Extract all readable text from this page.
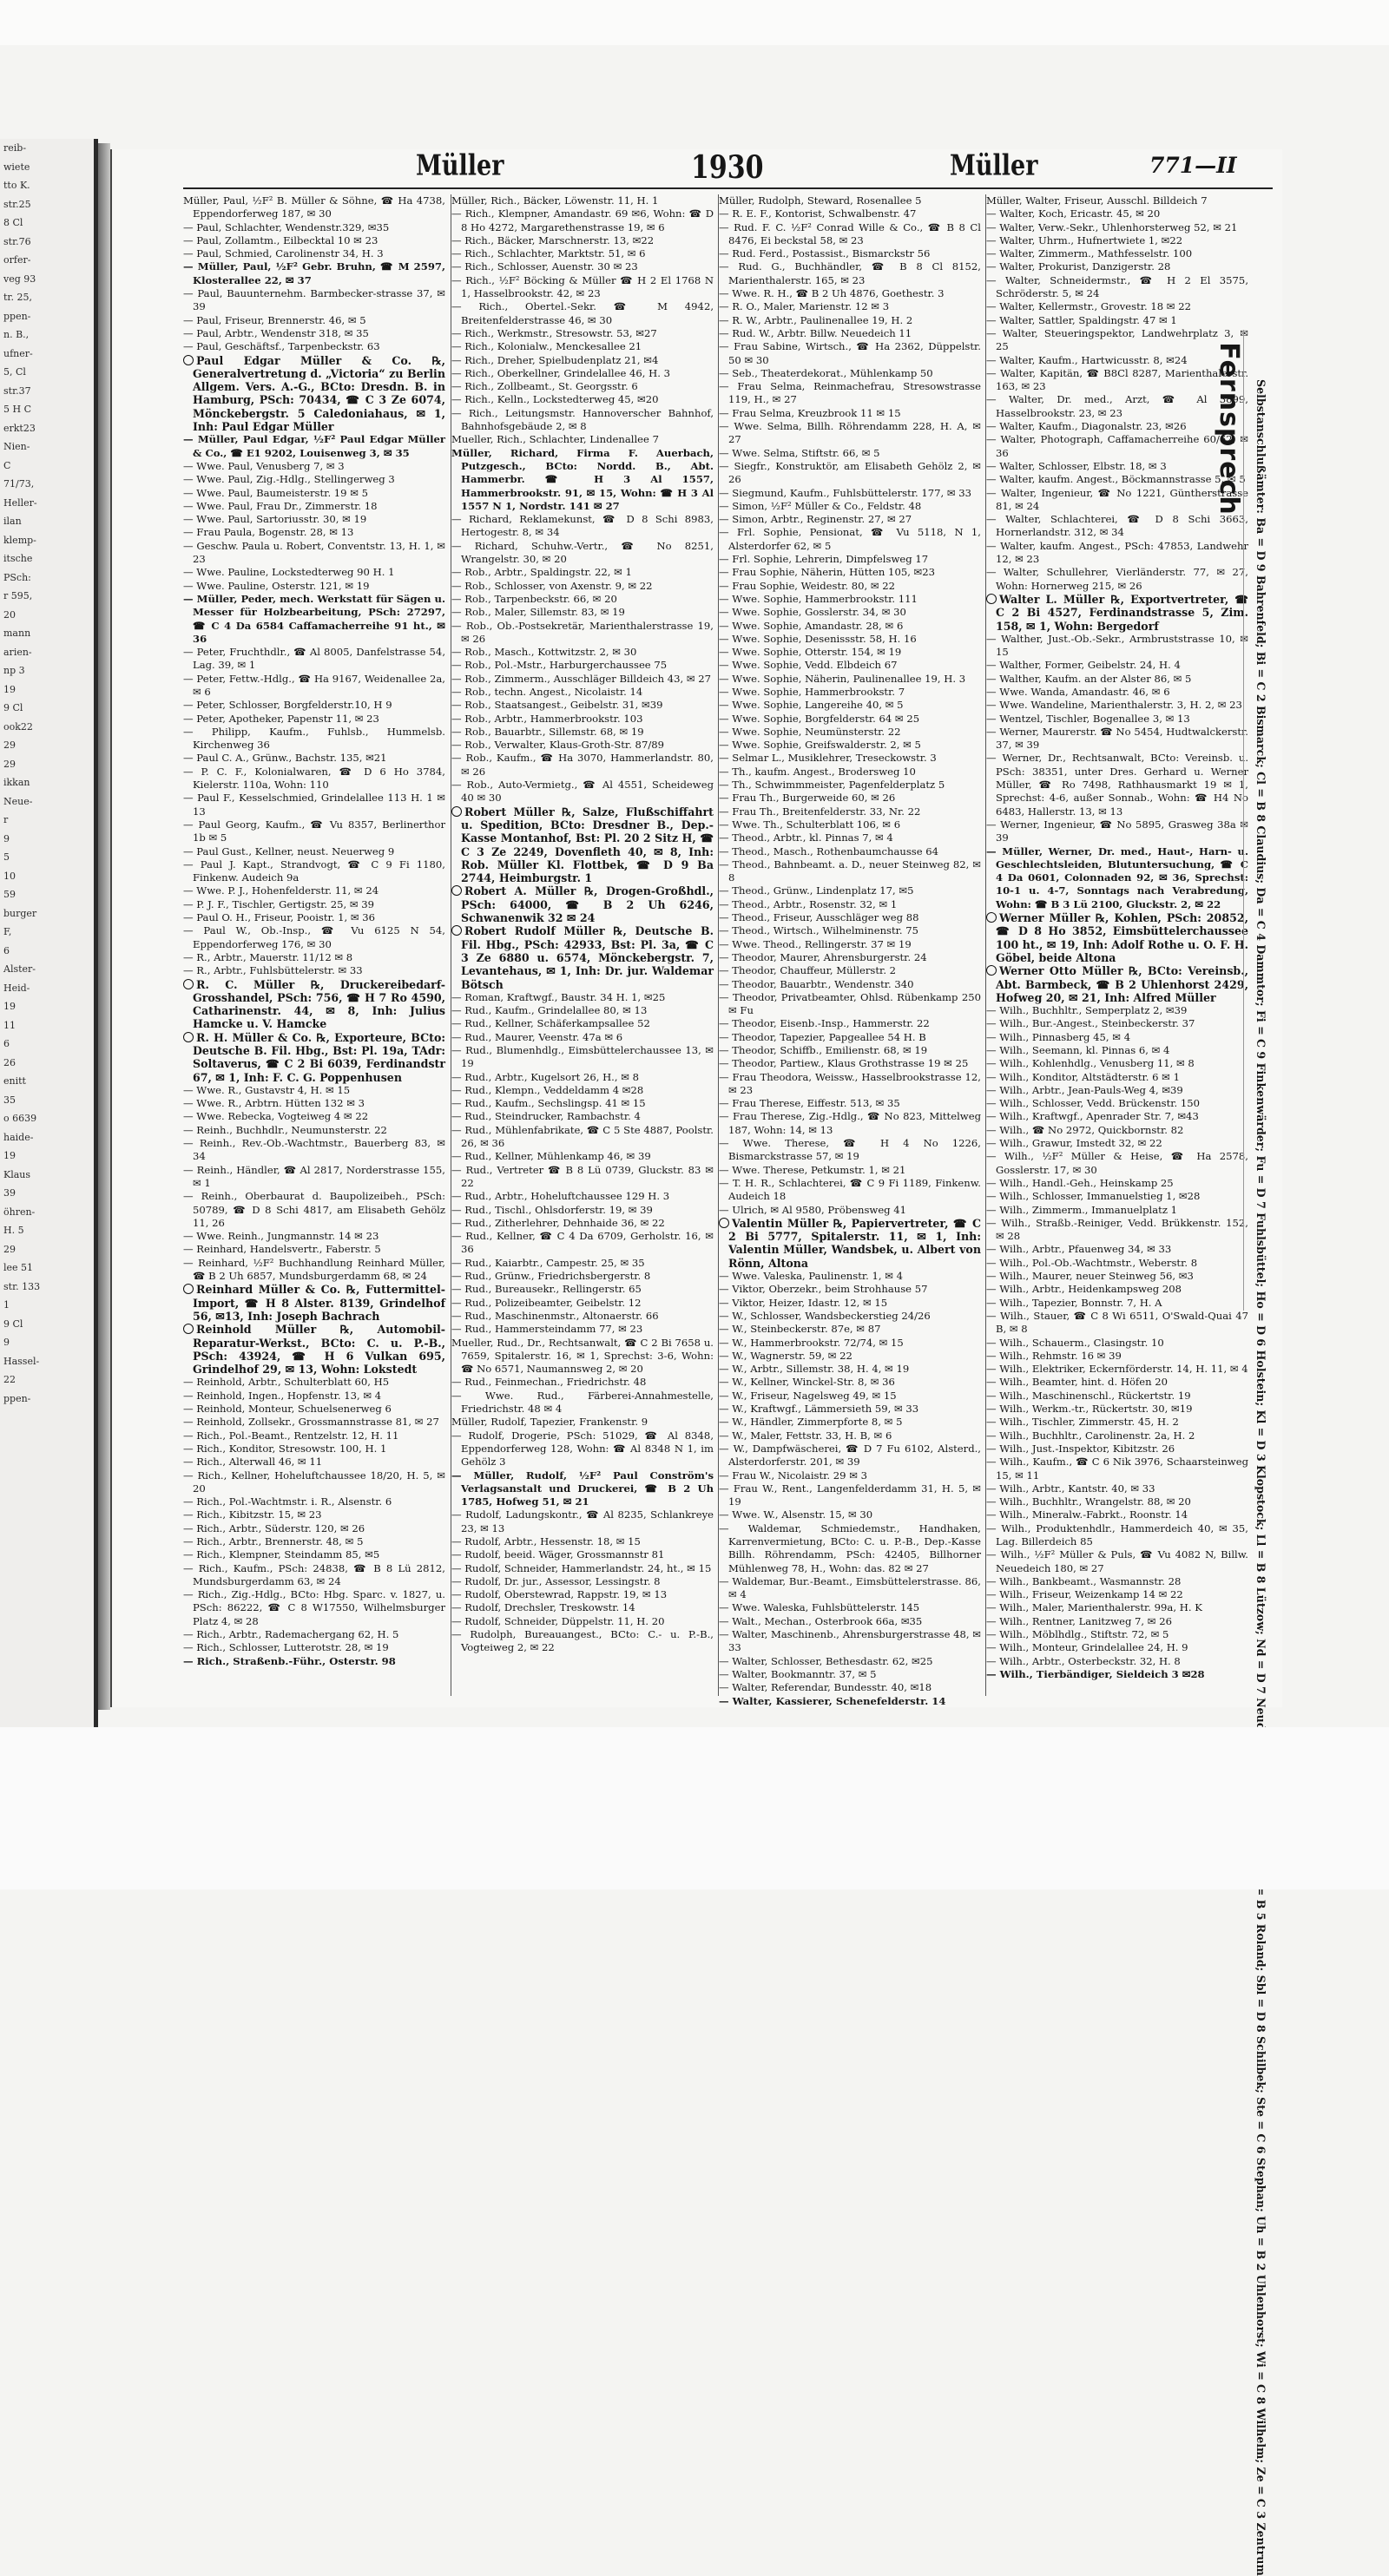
reib-
wiete
tto K.
str.25
8 Cl
str.76
orfer-
veg 93
tr. 25,
ppen-
n. B.,
ufner-
5, Cl
str.37
5 H C
erkt23
Nien-
C
71/73,
Heller-
ilan
klemp-
itsche
PSch:
r 595,
20
mann
arien-
np 3
19
9 Cl
ook22
29
29
ikkan
Neue-
r
9
5
10
59
burger
F,
6
Alster-
Heid-
19
11
6
26
enitt
35
o 6639
haide-
19
Klaus
39
öhren-
H. 5
29
lee 51
str. 133
1
9 Cl
9
Hassel-
22
ppen-
Müller	1930	Müller	771—II

Müller, Paul, ½F² B. Müller & Söhne, ☎ Ha 4738, Eppendorferweg 187, ✉ 30

— Paul, Schlachter, Wendenstr.329, ✉35

— Paul, Zollamtm., Eilbecktal 10 ✉ 23

— Paul, Schmied, Carolinenstr 34, H. 3

— Müller, Paul, ½F² Gebr. Bruhn, ☎ M 2597, Klosterallee 22, ✉ 37

— Paul, Bauunternehm. Barmbecker-strasse 37, ✉ 39

— Paul, Friseur, Brennerstr. 46, ✉ 5

— Paul, Arbtr., Wendenstr 318, ✉ 35

— Paul, Geschäftsf., Tarpenbeckstr. 63

Paul Edgar Müller & Co. ℞, Generalvertretung d. „Victoria“ zu Berlin Allgem. Vers. A.-G., BCto: Dresdn. B. in Hamburg, PSch: 70434, ☎ C 3 Ze 6074, Mönckebergstr. 5 Caledoniahaus, ✉ 1, Inh: Paul Edgar Müller

— Müller, Paul Edgar, ½F² Paul Edgar Müller & Co., ☎ E1 9202, Louisenweg 3, ✉ 35

— Wwe. Paul, Venusberg 7, ✉ 3

— Wwe. Paul, Zig.-Hdlg., Stellingerweg 3

— Wwe. Paul, Baumeisterstr. 19 ✉ 5

— Wwe. Paul, Frau Dr., Zimmerstr. 18

— Wwe. Paul, Sartoriusstr. 30, ✉ 19

— Frau Paula, Bogenstr. 28, ✉ 13

— Geschw. Paula u. Robert, Conventstr. 13, H. 1, ✉ 23

— Wwe. Pauline, Lockstedterweg 90 H. 1

— Wwe. Pauline, Osterstr. 121, ✉ 19

— Müller, Peder, mech. Werkstatt für Sägen u. Messer für Holzbearbeitung, PSch: 27297, ☎ C 4 Da 6584 Caffamacherreihe 91 ht., ✉ 36

— Peter, Fruchthdlr., ☎ Al 8005, Danfelstrasse 54, Lag. 39, ✉ 1

— Peter, Fettw.-Hdlg., ☎ Ha 9167, Weidenallee 2a, ✉ 6

— Peter, Schlosser, Borgfelderstr.10, H 9

— Peter, Apotheker, Papenstr 11, ✉ 23

— Philipp, Kaufm., Fuhlsb., Hummelsb. Kirchenweg 36

— Paul C. A., Grünw., Bachstr. 135, ✉21

— P. C. F., Kolonialwaren, ☎ D 6 Ho 3784, Kielerstr. 110a, Wohn: 110

— Paul F., Kesselschmied, Grindelallee 113 H. 1 ✉ 13

— Paul Georg, Kaufm., ☎ Vu 8357, Berlinerthor 1b ✉ 5

— Paul Gust., Kellner, neust. Neuerweg 9

— Paul J. Kapt., Strandvogt, ☎ C 9 Fi 1180, Finkenw. Audeich 9a

— Wwe. P. J., Hohenfelderstr. 11, ✉ 24

— P. J. F., Tischler, Gertigstr. 25, ✉ 39

— Paul O. H., Friseur, Pooistr. 1, ✉ 36

— Paul W., Ob.-Insp., ☎ Vu 6125 N 54, Eppendorferweg 176, ✉ 30

— R., Arbtr., Mauerstr. 11/12 ✉ 8

— R., Arbtr., Fuhlsbüttelerstr. ✉ 33

R. C. Müller ℞, Druckereibedarf-Grosshandel, PSch: 756, ☎ H 7 Ro 4590, Catharinenstr. 44, ✉ 8, Inh: Julius Hamcke u. V. Hamcke

R. H. Müller & Co. ℞, Exporteure, BCto: Deutsche B. Fil. Hbg., Bst: Pl. 19a, TAdr: Soltaverus, ☎ C 2 Bi 6039, Ferdinandstr 67, ✉ 1, Inh: F. C. G. Poppenhusen

— Wwe. R., Gustavstr 4, H. ✉ 15

— Wwe. R., Arbtrn. Hütten 132 ✉ 3

— Wwe. Rebecka, Vogteiweg 4 ✉ 22

— Reinh., Buchhdlr., Neumunsterstr. 22

— Reinh., Rev.-Ob.-Wachtmstr., Bauerberg 83, ✉ 34

— Reinh., Händler, ☎ Al 2817, Norderstrasse 155, ✉ 1

— Reinh., Oberbaurat d. Baupolizeibeh., PSch: 50789, ☎ D 8 Schi 4817, am Elisabeth Gehölz 11, 26

— Wwe. Reinh., Jungmannstr. 14 ✉ 23

— Reinhard, Handelsvertr., Faberstr. 5

— Reinhard, ½F² Buchhandlung Reinhard Müller, ☎ B 2 Uh 6857, Mundsburgerdamm 68, ✉ 24

Reinhard Müller & Co. ℞, Futtermittel-Import, ☎ H 8 Alster. 8139, Grindelhof 56, ✉13, Inh: Joseph Bachrach

Reinhold Müller ℞, Automobil-Reparatur-Werkst., BCto: C. u. P.-B., PSch: 43924, ☎ H 6 Vulkan 695, Grindelhof 29, ✉ 13, Wohn: Lokstedt

— Reinhold, Arbtr., Schulterblatt 60, H5

— Reinhold, Ingen., Hopfenstr. 13, ✉ 4

— Reinhold, Monteur, Schuelsenerweg 6

— Reinhold, Zollsekr., Grossmannstrasse 81, ✉ 27

— Rich., Pol.-Beamt., Rentzelstr. 12, H. 11

— Rich., Konditor, Stresowstr. 100, H. 1

— Rich., Alterwall 46, ✉ 11

— Rich., Kellner, Hoheluftchaussee 18/20, H. 5, ✉ 20

— Rich., Pol.-Wachtmstr. i. R., Alsenstr. 6

— Rich., Kibitzstr. 15, ✉ 23

— Rich., Arbtr., Süderstr. 120, ✉ 26

— Rich., Arbtr., Brennerstr. 48, ✉ 5

— Rich., Klempner, Steindamm 85, ✉5

— Rich., Kaufm., PSch: 24838, ☎ B 8 Lü 2812, Mundsburgerdamm 63, ✉ 24

— Rich., Zig.-Hdlg., BCto: Hbg. Sparc. v. 1827, u. PSch: 86222, ☎ C 8 W17550, Wilhelmsburger Platz 4, ✉ 28

— Rich., Arbtr., Rademachergang 62, H. 5

— Rich., Schlosser, Lutterotstr. 28, ✉ 19

— Rich., Straßenb.-Führ., Osterstr. 98

Müller, Rich., Bäcker, Löwenstr. 11, H. 1

— Rich., Klempner, Amandastr. 69 ✉6, Wohn: ☎ D 8 Ho 4272, Margarethenstrasse 19, ✉ 6

— Rich., Bäcker, Marschnerstr. 13, ✉22

— Rich., Schlachter, Marktstr. 51, ✉ 6

— Rich., Schlosser, Auenstr. 30 ✉ 23

— Rich., ½F² Böcking & Müller ☎ H 2 El 1768 N 1, Hasselbrookstr. 42, ✉ 23

— Rich., Obertel.-Sekr. ☎ M 4942, Breitenfelderstrasse 46, ✉ 30

— Rich., Werkmstr., Stresowstr. 53, ✉27

— Rich., Kolonialw., Menckesallee 21

— Rich., Dreher, Spielbudenplatz 21, ✉4

— Rich., Oberkellner, Grindelallee 46, H. 3

— Rich., Zollbeamt., St. Georgsstr. 6

— Rich., Kelln., Lockstedterweg 45, ✉20

— Rich., Leitungsmstr. Hannoverscher Bahnhof, Bahnhofsgebäude 2, ✉ 8

Mueller, Rich., Schlachter, Lindenallee 7

Müller, Richard, Firma F. Auerbach, Putzgesch., BCto: Nordd. B., Abt. Hammerbr. ☎ H 3 Al 1557, Hammerbrookstr. 91, ✉ 15, Wohn: ☎ H 3 Al 1557 N 1, Nordstr. 141 ✉ 27

— Richard, Reklamekunst, ☎ D 8 Schi 8983, Hertogestr. 8, ✉ 34

— Richard, Schuhw.-Vertr., ☎ No 8251, Wrangelstr. 30, ✉ 20

— Rob., Arbtr., Spaldingstr. 22, ✉ 1

— Rob., Schlosser, von Axenstr. 9, ✉ 22

— Rob., Tarpenbeckstr. 66, ✉ 20

— Rob., Maler, Sillemstr. 83, ✉ 19

— Rob., Ob.-Postsekretär, Marienthalerstrasse 19, ✉ 26

— Rob., Masch., Kottwitzstr. 2, ✉ 30

— Rob., Pol.-Mstr., Harburgerchaussee 75

— Rob., Zimmerm., Ausschläger Billdeich 43, ✉ 27

— Rob., techn. Angest., Nicolaistr. 14

— Rob., Staatsangest., Geibelstr. 31, ✉39

— Rob., Arbtr., Hammerbrookstr. 103

— Rob., Bauarbtr., Sillemstr. 68, ✉ 19

— Rob., Verwalter, Klaus-Groth-Str. 87/89

— Rob., Kaufm., ☎ Ha 3070, Hammerlandstr. 80, ✉ 26

— Rob., Auto-Vermietg., ☎ Al 4551, Scheideweg 40 ✉ 30

Robert Müller ℞, Salze, Flußschiffahrt u. Spedition, BCto: Dresdner B., Dep.-Kasse Montanhof, Bst: Pl. 20 2 Sitz H, ☎ C 3 Ze 2249, Dovenfleth 40, ✉ 8, Inh: Rob. Müller Kl. Flottbek, ☎ D 9 Ba 2744, Heimburgstr. 1

Robert A. Müller ℞, Drogen-Großhdl., PSch: 64000, ☎ B 2 Uh 6246, Schwanenwik 32 ✉ 24

Robert Rudolf Müller ℞, Deutsche B. Fil. Hbg., PSch: 42933, Bst: Pl. 3a, ☎ C 3 Ze 6880 u. 6574, Mönckebergstr. 7, Levantehaus, ✉ 1, Inh: Dr. jur. Waldemar Bötsch

— Roman, Kraftwgf., Baustr. 34 H. 1, ✉25

— Rud., Kaufm., Grindelallee 80, ✉ 13

— Rud., Kellner, Schäferkampsallee 52

— Rud., Maurer, Veenstr. 47a ✉ 6

— Rud., Blumenhdlg., Eimsbüttelerchaussee 13, ✉ 19

— Rud., Arbtr., Kugelsort 26, H., ✉ 8

— Rud., Klempn., Veddeldamm 4 ✉28

— Rud., Kaufm., Sechslingsp. 41 ✉ 15

— Rud., Steindrucker, Rambachstr. 4

— Rud., Mühlenfabrikate, ☎ C 5 Ste 4887, Poolstr. 26, ✉ 36

— Rud., Kellner, Mühlenkamp 46, ✉ 39

— Rud., Vertreter ☎ B 8 Lü 0739, Gluckstr. 83 ✉ 22

— Rud., Arbtr., Hoheluftchaussee 129 H. 3

— Rud., Tischl., Ohlsdorferstr. 19, ✉ 39

— Rud., Zitherlehrer, Dehnhaide 36, ✉ 22

— Rud., Kellner, ☎ C 4 Da 6709, Gerholstr. 16, ✉ 36

— Rud., Kaiarbtr., Campestr. 25, ✉ 35

— Rud., Grünw., Friedrichsbergerstr. 8

— Rud., Bureausekr., Rellingerstr. 65

— Rud., Polizeibeamter, Geibelstr. 12

— Rud., Maschinenmstr., Altonaerstr. 66

— Rud., Hammersteindamm 77, ✉ 23

Mueller, Rud., Dr., Rechtsanwalt, ☎ C 2 Bi 7658 u. 7659, Spitalerstr. 16, ✉ 1, Sprechst: 3-6, Wohn: ☎ No 6571, Naumannsweg 2, ✉ 20

— Rud., Feinmechan., Friedrichstr. 48

— Wwe. Rud., Färberei-Annahmestelle, Friedrichstr. 48 ✉ 4

Müller, Rudolf, Tapezier, Frankenstr. 9

— Rudolf, Drogerie, PSch: 51029, ☎ Al 8348, Eppendorferweg 128, Wohn: ☎ Al 8348 N 1, im Gehölz 3

— Müller, Rudolf, ½F² Paul Conström's Verlagsanstalt und Druckerei, ☎ B 2 Uh 1785, Hofweg 51, ✉ 21

— Rudolf, Ladungskontr., ☎ Al 8235, Schlankreye 23, ✉ 13

— Rudolf, Arbtr., Hessenstr. 18, ✉ 15

— Rudolf, beeid. Wäger, Grossmannstr 81

— Rudolf, Schneider, Hammerlandstr. 24, ht., ✉ 15

— Rudolf, Dr. jur., Assessor, Lessingstr. 8

— Rudolf, Oberstewrad, Rappstr. 19, ✉ 13

— Rudolf, Drechsler, Treskowstr. 14

— Rudolf, Schneider, Düppelstr. 11, H. 20

— Rudolph, Bureauangest., BCto: C.- u. P.-B., Vogteiweg 2, ✉ 22

Müller, Rudolph, Steward, Rosenallee 5

— R. E. F., Kontorist, Schwalbenstr. 47

— Rud. F. C. ½F² Conrad Wille & Co., ☎ B 8 Cl 8476, Ei beckstal 58, ✉ 23

— Rud. Ferd., Postassist., Bismarckstr 56

— Rud. G., Buchhändler, ☎ B 8 Cl 8152, Marienthalerstr. 165, ✉ 23

— Wwe. R. H., ☎ B 2 Uh 4876, Goethestr. 3

— R. O., Maler, Marienstr. 12 ✉ 3

— R. W., Arbtr., Paulinenallee 19, H. 2

— Rud. W., Arbtr. Billw. Neuedeich 11

— Frau Sabine, Wirtsch., ☎ Ha 2362, Düppelstr. 50 ✉ 30

— Seb., Theaterdekorat., Mühlenkamp 50

— Frau Selma, Reinmachefrau, Stresowstrasse 119, H., ✉ 27

— Frau Selma, Kreuzbrook 11 ✉ 15

— Wwe. Selma, Billh. Röhrendamm 228, H. A, ✉ 27

— Wwe. Selma, Stiftstr. 66, ✉ 5

— Siegfr., Konstruktör, am Elisabeth Gehölz 2, ✉ 26

— Siegmund, Kaufm., Fuhlsbüttelerstr. 177, ✉ 33

— Simon, ½F² Müller & Co., Feldstr. 48

— Simon, Arbtr., Reginenstr. 27, ✉ 27

— Frl. Sophie, Pensionat, ☎ Vu 5118, N 1, Alsterdorfer 62, ✉ 5

— Frl. Sophie, Lehrerin, Dimpfelsweg 17

— Frau Sophie, Näherin, Hütten 105, ✉23

— Frau Sophie, Weidestr. 80, ✉ 22

— Wwe. Sophie, Hammerbrookstr. 111

— Wwe. Sophie, Gosslerstr. 34, ✉ 30

— Wwe. Sophie, Amandastr. 28, ✉ 6

— Wwe. Sophie, Desenissstr. 58, H. 16

— Wwe. Sophie, Otterstr. 154, ✉ 19

— Wwe. Sophie, Vedd. Elbdeich 67

— Wwe. Sophie, Näherin, Paulinenallee 19, H. 3

— Wwe. Sophie, Hammerbrookstr. 7

— Wwe. Sophie, Langereihe 40, ✉ 5

— Wwe. Sophie, Borgfelderstr. 64 ✉ 25

— Wwe. Sophie, Neumünsterstr. 22

— Wwe. Sophie, Greifswalderstr. 2, ✉ 5

— Selmar L., Musiklehrer, Treseckowstr. 3

— Th., kaufm. Angest., Brodersweg 10

— Th., Schwimmmeister, Pagenfelderplatz 5

— Frau Th., Burgerweide 60, ✉ 26

— Frau Th., Breitenfelderstr. 33, Nr. 22

— Wwe. Th., Schulterblatt 106, ✉ 6

— Theod., Arbtr., kl. Pinnas 7, ✉ 4

— Theod., Masch., Rothenbaumchausse 64

— Theod., Bahnbeamt. a. D., neuer Steinweg 82, ✉ 8

— Theod., Grünw., Lindenplatz 17, ✉5

— Theod., Arbtr., Rosenstr. 32, ✉ 1

— Theod., Friseur, Ausschläger weg 88

— Theod., Wirtsch., Wilhelminenstr. 75

— Wwe. Theod., Rellingerstr. 37 ✉ 19

— Theodor, Maurer, Ahrensburgerstr. 24

— Theodor, Chauffeur, Müllerstr. 2

— Theodor, Bauarbtr., Wendenstr. 340

— Theodor, Privatbeamter, Ohlsd. Rübenkamp 250 ✉ Fu

— Theodor, Eisenb.-Insp., Hammerstr. 22

— Theodor, Tapezier, Papgeallee 54 H. B

— Theodor, Schiffb., Emilienstr. 68, ✉ 19

— Theodor, Partiew., Klaus Grothstrasse 19 ✉ 25

— Frau Theodora, Weissw., Hasselbrookstrasse 12, ✉ 23

— Frau Therese, Eiffestr. 513, ✉ 35

— Frau Therese, Zig.-Hdlg., ☎ No 823, Mittelweg 187, Wohn: 14, ✉ 13

— Wwe. Therese, ☎ H 4 No 1226, Bismarckstrasse 57, ✉ 19

— Wwe. Therese, Petkumstr. 1, ✉ 21

— T. H. R., Schlachterei, ☎ C 9 Fi 1189, Finkenw. Audeich 18

— Ulrich, ✉ Al 9580, Pröbensweg 41

Valentin Müller ℞, Papiervertreter, ☎ C 2 Bi 5777, Spitalerstr. 11, ✉ 1, Inh: Valentin Müller, Wandsbek, u. Albert von Rönn, Altona

— Wwe. Valeska, Paulinenstr. 1, ✉ 4

— Viktor, Oberzekr., beim Strohhause 57

— Viktor, Heizer, Idastr. 12, ✉ 15

— W., Schlosser, Wandsbeckerstieg 24/26

— W., Steinbeckerstr. 87e, ✉ 87

— W., Hammerbrookstr. 72/74, ✉ 15

— W., Wagnerstr. 59, ✉ 22

— W., Arbtr., Sillemstr. 38, H. 4, ✉ 19

— W., Kellner, Winckel-Str. 8, ✉ 36

— W., Friseur, Nagelsweg 49, ✉ 15

— W., Kraftwgf., Lämmersieth 59, ✉ 33

— W., Händler, Zimmerpforte 8, ✉ 5

— W., Maler, Fettstr. 33, H. B, ✉ 6

— W., Dampfwäscherei, ☎ D 7 Fu 6102, Alsterd., Alsterdorferstr. 201, ✉ 39

— Frau W., Nicolaistr. 29 ✉ 3

— Frau W., Rent., Langenfelderdamm 31, H. 5, ✉ 19

— Wwe. W., Alsenstr. 15, ✉ 30

— Waldemar, Schmiedemstr., Handhaken, Karrenvermietung, BCto: C. u. P.-B., Dep.-Kasse Billh. Röhrendamm, PSch: 42405, Billhorner Mühlenweg 78, H., Wohn: das. 82 ✉ 27

— Waldemar, Bur.-Beamt., Eimsbüttelerstrasse. 86, ✉ 4

— Wwe. Waleska, Fuhlsbüttelerstr. 145

— Walt., Mechan., Osterbrook 66a, ✉35

— Walter, Maschinenb., Ahrensburgerstrasse 48, ✉ 33

— Walter, Schlosser, Bethesdastr. 62, ✉25

— Walter, Bookmanntr. 37, ✉ 5

— Walter, Referendar, Bundesstr. 40, ✉18

— Walter, Kassierer, Schenefelderstr. 14

Müller, Walter, Friseur, Ausschl. Billdeich 7

— Walter, Koch, Ericastr. 45, ✉ 20

— Walter, Verw.-Sekr., Uhlenhorsterweg 52, ✉ 21

— Walter, Uhrm., Hufnertwiete 1, ✉22

— Walter, Zimmerm., Mathfesselstr. 100

— Walter, Prokurist, Danzigerstr. 28

— Walter, Schneidermstr., ☎ H 2 El 3575, Schröderstr. 5, ✉ 24

— Walter, Kellermstr., Grovestr. 18 ✉ 22

— Walter, Sattler, Spaldingstr. 47 ✉ 1

— Walter, Steueringspektor, Landwehrplatz 3, ✉ 25

— Walter, Kaufm., Hartwicusstr. 8, ✉24

— Walter, Kapitän, ☎ B8Cl 8287, Marienthalerstr. 163, ✉ 23

— Walter, Dr. med., Arzt, ☎ Al 3899, Hasselbrookstr. 23, ✉ 23

— Walter, Kaufm., Diagonalstr. 23, ✉26

— Walter, Photograph, Caffamacherreihe 60/62, ✉ 36

— Walter, Schlosser, Elbstr. 18, ✉ 3

— Walter, kaufm. Angest., Böckmannstrasse 5, ✉ 5

— Walter, Ingenieur, ☎ No 1221, Güntherstrasse 81, ✉ 24

— Walter, Schlachterei, ☎ D 8 Schi 3663, Hornerlandstr. 312, ✉ 34

— Walter, kaufm. Angest., PSch: 47853, Landwehr 12, ✉ 23

— Walter, Schullehrer, Vierländerstr. 77, ✉ 27, Wohn: Hornerweg 215, ✉ 26

Walter L. Müller ℞, Exportvertreter, ☎ C 2 Bi 4527, Ferdinandstrasse 5, Zim. 158, ✉ 1, Wohn: Bergedorf

— Walther, Just.-Ob.-Sekr., Armbruststrasse 10, ✉ 15

— Walther, Former, Geibelstr. 24, H. 4

— Walther, Kaufm. an der Alster 86, ✉ 5

— Wwe. Wanda, Amandastr. 46, ✉ 6

— Wwe. Wandeline, Marienthalerstr. 3, H. 2, ✉ 23

— Wentzel, Tischler, Bogenallee 3, ✉ 13

— Werner, Maurerstr. ☎ No 5454, Hudtwalckerstr. 37, ✉ 39

— Werner, Dr., Rechtsanwalt, BCto: Vereinsb. u. PSch: 38351, unter Dres. Gerhard u. Werner Müller, ☎ Ro 7498, Rathhausmarkt 19 ✉ 1, Sprechst: 4-6, außer Sonnab., Wohn: ☎ H4 No 6483, Hallerstr. 13, ✉ 13

— Werner, Ingenieur, ☎ No 5895, Grasweg 38a ✉ 39

— Müller, Werner, Dr. med., Haut-, Harn- u. Geschlechtsleiden, Blutuntersuchung, ☎ C 4 Da 0601, Colonnaden 92, ✉ 36, Sprechst: 10-1 u. 4-7, Sonntags nach Verabredung, Wohn: ☎ B 3 Lü 2100, Gluckstr. 2, ✉ 22

Werner Müller ℞, Kohlen, PSch: 20852, ☎ D 8 Ho 3852, Eimsbüttelerchaussee 100 ht., ✉ 19, Inh: Adolf Rothe u. O. F. H. Göbel, beide Altona

Werner Otto Müller ℞, BCto: Vereinsb., Abt. Barmbeck, ☎ B 2 Uhlenhorst 2429, Hofweg 20, ✉ 21, Inh: Alfred Müller

— Wilh., Buchhltr., Semperplatz 2, ✉39

— Wilh., Bur.-Angest., Steinbeckerstr. 37

— Wilh., Pinnasberg 45, ✉ 4

— Wilh., Seemann, kl. Pinnas 6, ✉ 4

— Wilh., Kohlenhdlg., Venusberg 11, ✉ 8

— Wilh., Konditor, Altstädterstr. 6 ✉ 1

— Wilh., Arbtr., Jean-Pauls-Weg 4, ✉39

— Wilh., Schlosser, Vedd. Brückenstr. 150

— Wilh., Kraftwgf., Apenrader Str. 7, ✉43

— Wilh., ☎ No 2972, Quickbornstr. 82

— Wilh., Grawur, Imstedt 32, ✉ 22

— Wilh., ½F² Müller & Heise, ☎ Ha 2578, Gosslerstr. 17, ✉ 30

— Wilh., Handl.-Geh., Heinskamp 25

— Wilh., Schlosser, Immanuelstieg 1, ✉28

— Wilh., Zimmerm., Immanuelplatz 1

— Wilh., Straßb.-Reiniger, Vedd. Brükkenstr. 152, ✉ 28

— Wilh., Arbtr., Pfauenweg 34, ✉ 33

— Wilh., Pol.-Ob.-Wachtmstr., Weberstr. 8

— Wilh., Maurer, neuer Steinweg 56, ✉3

— Wilh., Arbtr., Heidenkampsweg 208

— Wilh., Tapezier, Bonnstr. 7, H. A

— Wilh., Stauer, ☎ C 8 Wi 6511, O'Swald-Quai 47 B, ✉ 8

— Wilh., Schauerm., Clasingstr. 10

— Wilh., Rehmstr. 16 ✉ 39

— Wilh., Elektriker, Eckernförderstr. 14, H. 11, ✉ 4

— Wilh., Beamter, hint. d. Höfen 20

— Wilh., Maschinenschl., Rückertstr. 19

— Wilh., Werkm.-tr., Rückertstr. 30, ✉19

— Wilh., Tischler, Zimmerstr. 45, H. 2

— Wilh., Buchhltr., Carolinenstr. 2a, H. 2

— Wilh., Just.-Inspektor, Kibitzstr. 26

— Wilh., Kaufm., ☎ C 6 Nik 3976, Schaarsteinweg 15, ✉ 11

— Wilh., Arbtr., Kantstr. 40, ✉ 33

— Wilh., Buchhltr., Wrangelstr. 88, ✉ 20

— Wilh., Mineralw.-Fabrkt., Roonstr. 14

— Wilh., Produktenhdlr., Hammerdeich 40, ✉ 35, Lag. Billerdeich 85

— Wilh., ½F² Müller & Puls, ☎ Vu 4082 N, Billw. Neuedeich 180, ✉ 27

— Wilh., Bankbeamt., Wasmannstr. 28

— Wilh., Friseur, Weizenkamp 14 ✉ 22

— Wilh., Maler, Marienthalerstr. 99a, H. K

— Wilh., Rentner, Lanitzweg 7, ✉ 26

— Wilh., Möblhdlg., Stiftstr. 72, ✉ 5

— Wilh., Monteur, Grindelallee 24, H. 9

— Wilh., Arbtr., Osterbeckstr. 32, H. 8

— Wilh., Tierbändiger, Sieldeich 3 ✉28

Fernsprech
